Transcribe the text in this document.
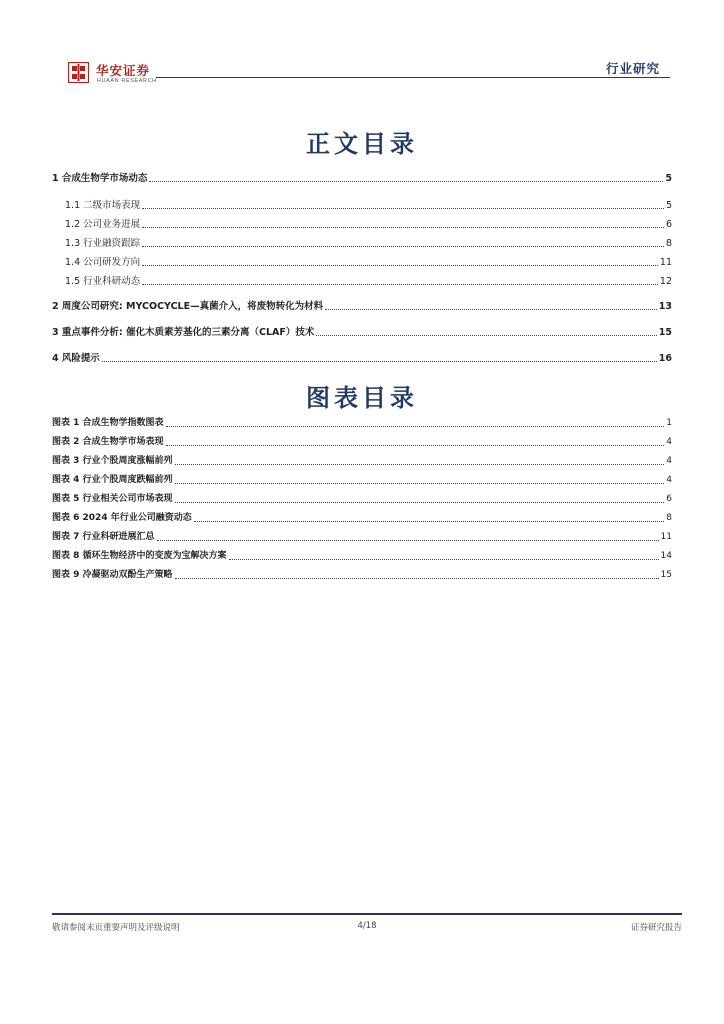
华安证券
HUAAN RESEARCH
行业研究
正文目录
1 合成生物学市场动态	5
1.1 二级市场表现	5
1.2 公司业务进展	6
1.3 行业融资跟踪	8
1.4 公司研发方向	11
1.5 行业科研动态	12
2 周度公司研究: MYCOCYCLE—真菌介入，将废物转化为材料	13
3 重点事件分析: 催化木质素芳基化的三素分离（CLAF）技术	15
4 风险提示	16
图表目录
图表 1 合成生物学指数图表	1
图表 2 合成生物学市场表现	4
图表 3 行业个股周度涨幅前列	4
图表 4 行业个股周度跌幅前列	4
图表 5 行业相关公司市场表现	6
图表 6 2024 年行业公司融资动态	8
图表 7 行业科研进展汇总	11
图表 8 循环生物经济中的变废为宝解决方案	14
图表 9 冷凝驱动双酚生产策略	15
敬请参阅末页重要声明及评级说明	4/18	证券研究报告
